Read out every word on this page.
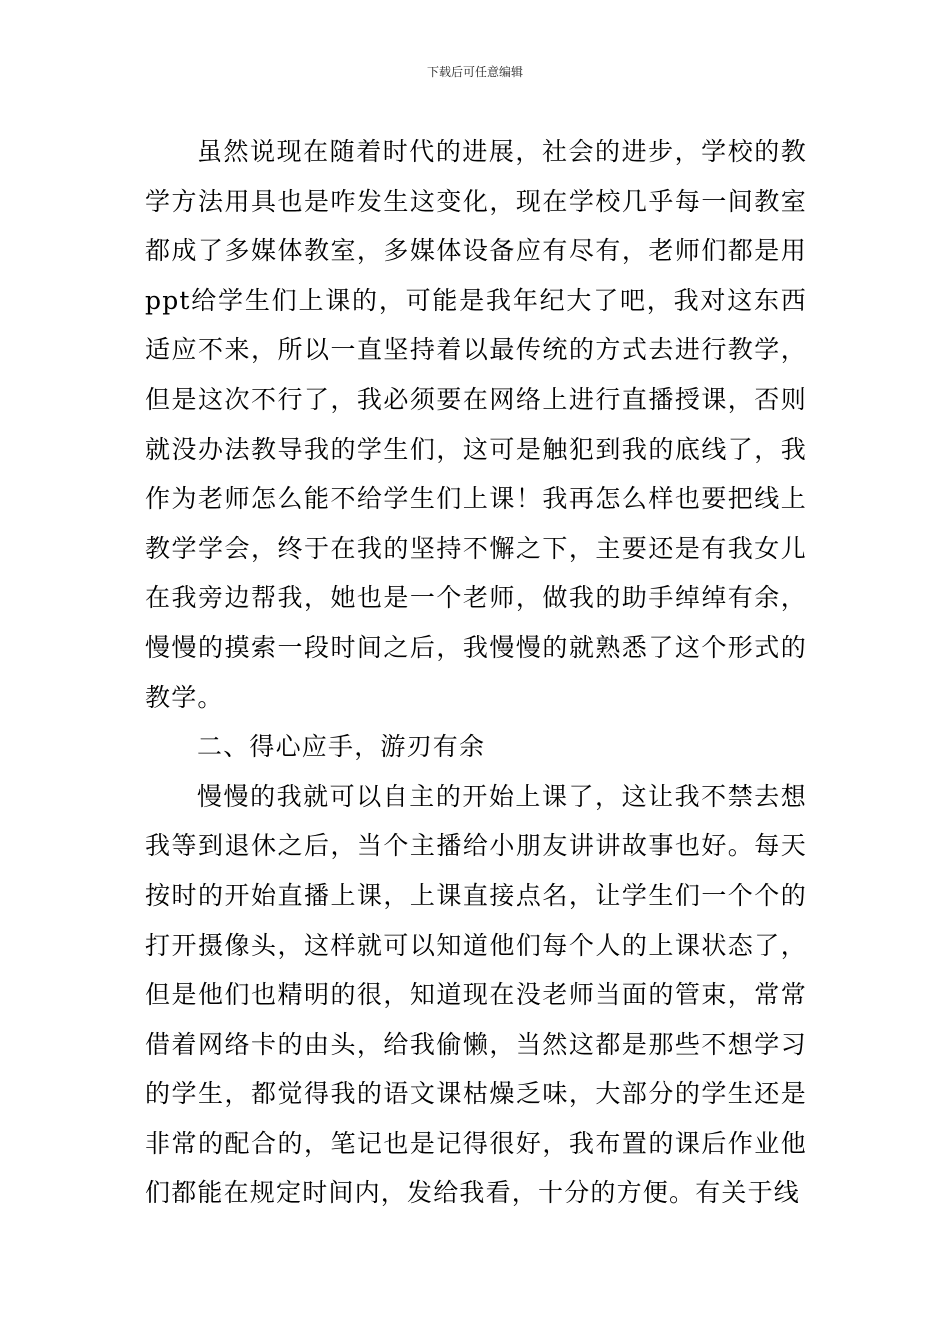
下载后可任意编辑

虽然说现在随着时代的进展，社会的进步，学校的教学方法用具也是咋发生这变化，现在学校几乎每一间教室都成了多媒体教室，多媒体设备应有尽有，老师们都是用ppt给学生们上课的，可能是我年纪大了吧，我对这东西适应不来，所以一直坚持着以最传统的方式去进行教学，但是这次不行了，我必须要在网络上进行直播授课，否则就没办法教导我的学生们，这可是触犯到我的底线了，我作为老师怎么能不给学生们上课！我再怎么样也要把线上教学学会，终于在我的坚持不懈之下，主要还是有我女儿在我旁边帮我，她也是一个老师，做我的助手绰绰有余，慢慢的摸索一段时间之后，我慢慢的就熟悉了这个形式的教学。

二、得心应手，游刃有余

慢慢的我就可以自主的开始上课了，这让我不禁去想我等到退休之后，当个主播给小朋友讲讲故事也好。每天按时的开始直播上课，上课直接点名，让学生们一个个的打开摄像头，这样就可以知道他们每个人的上课状态了，但是他们也精明的很，知道现在没老师当面的管束，常常借着网络卡的由头，给我偷懒，当然这都是那些不想学习的学生，都觉得我的语文课枯燥乏味，大部分的学生还是非常的配合的，笔记也是记得很好，我布置的课后作业他们都能在规定时间内，发给我看，十分的方便。有关于线
